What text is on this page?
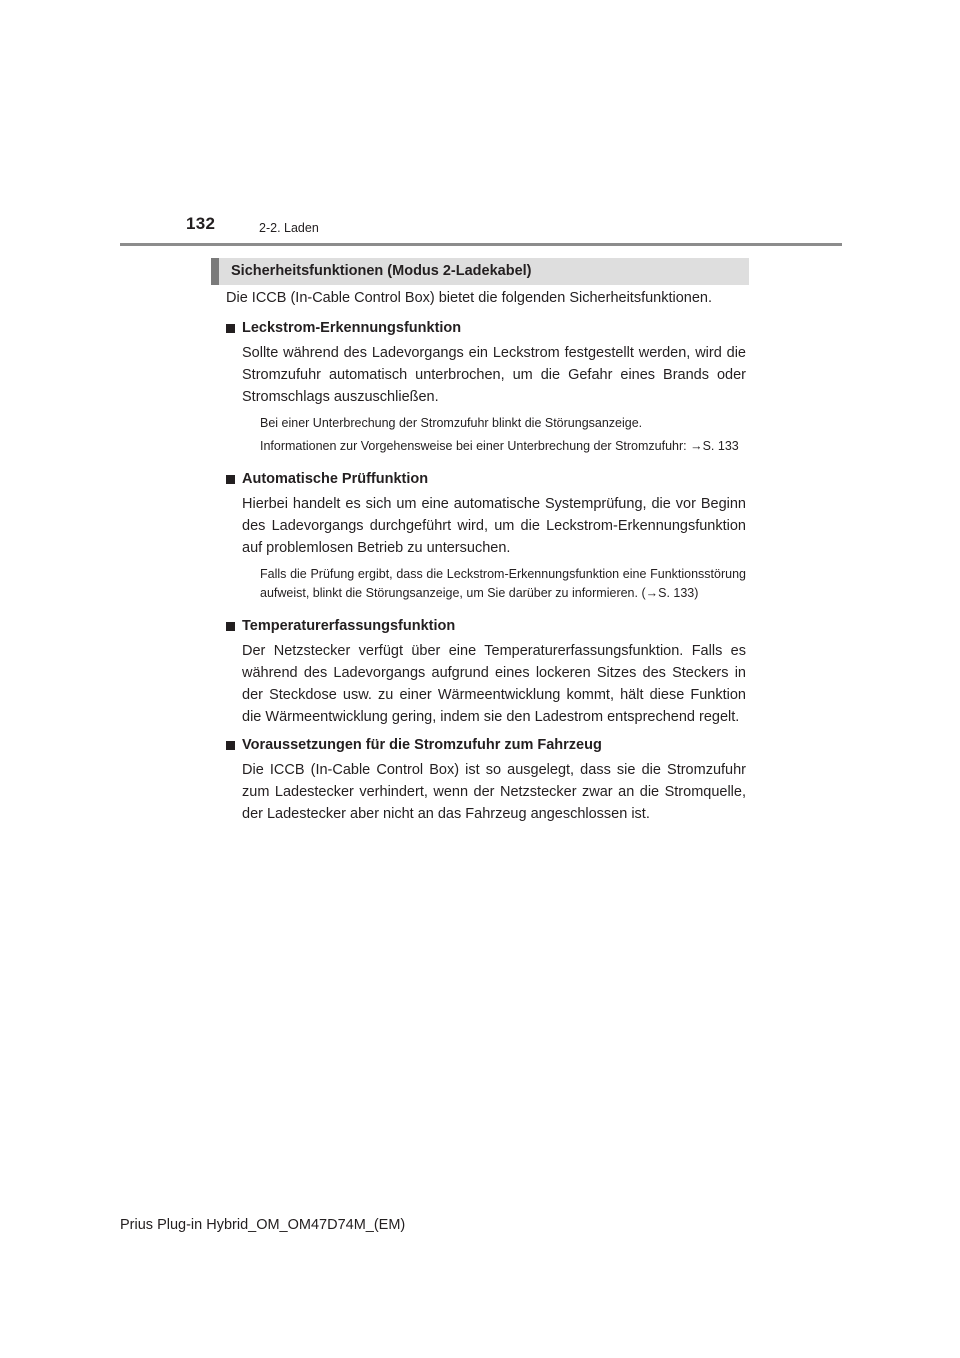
132	2-2. Laden
Sicherheitsfunktionen (Modus 2-Ladekabel)

Die ICCB (In-Cable Control Box) bietet die folgenden Sicherheitsfunktionen.

Leckstrom-Erkennungsfunktion

Sollte während des Ladevorgangs ein Leckstrom festgestellt werden, wird die Stromzufuhr automatisch unterbrochen, um die Gefahr eines Brands oder Stromschlags auszuschließen.

Bei einer Unterbrechung der Stromzufuhr blinkt die Störungsanzeige.

Informationen zur Vorgehensweise bei einer Unterbrechung der Stromzufuhr: →S. 133

Automatische Prüffunktion

Hierbei handelt es sich um eine automatische Systemprüfung, die vor Beginn des Ladevorgangs durchgeführt wird, um die Leckstrom-Erkennungsfunktion auf problemlosen Betrieb zu untersuchen.

Falls die Prüfung ergibt, dass die Leckstrom-Erkennungsfunktion eine Funktionsstörung aufweist, blinkt die Störungsanzeige, um Sie darüber zu informieren. (→S. 133)

Temperaturerfassungsfunktion

Der Netzstecker verfügt über eine Temperaturerfassungsfunktion. Falls es während des Ladevorgangs aufgrund eines lockeren Sitzes des Steckers in der Steckdose usw. zu einer Wärmeentwicklung kommt, hält diese Funktion die Wärmeentwicklung gering, indem sie den Ladestrom entsprechend regelt.

Voraussetzungen für die Stromzufuhr zum Fahrzeug

Die ICCB (In-Cable Control Box) ist so ausgelegt, dass sie die Stromzufuhr zum Ladestecker verhindert, wenn der Netzstecker zwar an die Stromquelle, der Ladestecker aber nicht an das Fahrzeug angeschlossen ist.

Prius Plug-in Hybrid_OM_OM47D74M_(EM)
